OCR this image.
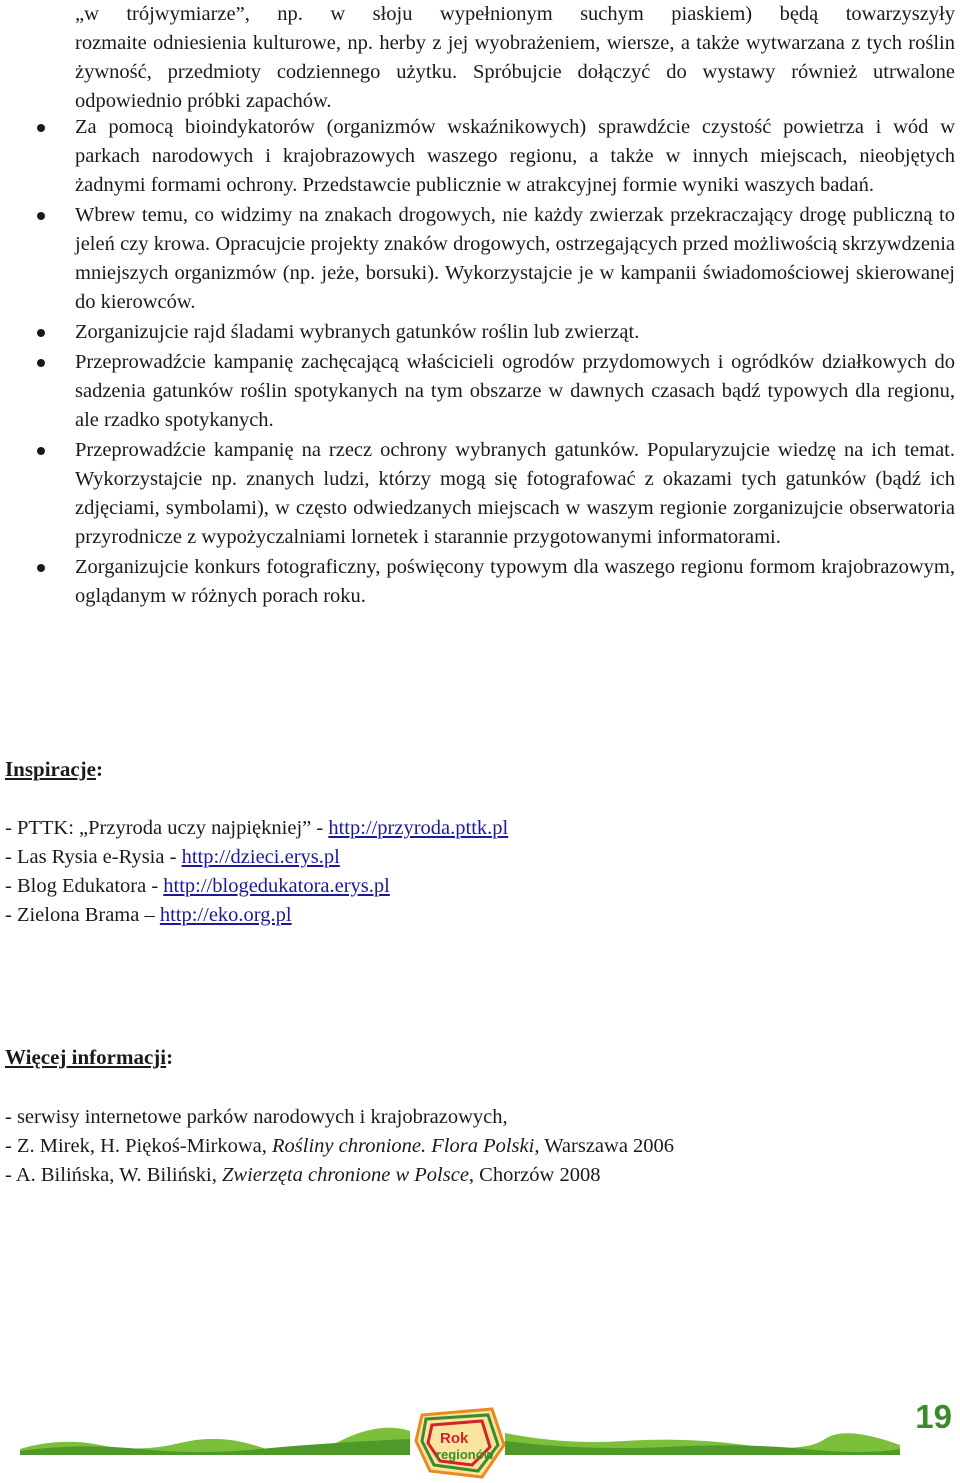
„w trójwymiarze”, np. w słoju wypełnionym suchym piaskiem) będą towarzyszyły
rozmaite odniesienia kulturowe, np. herby z jej wyobrażeniem, wiersze, a także wytwarzana z tych roślin żywność, przedmioty codziennego użytku. Spróbujcie dołączyć do wystawy również utrwalone odpowiednio próbki zapachów.
Za pomocą bioindykatorów (organizmów wskaźnikowych) sprawdźcie czystość powietrza i wód w parkach narodowych i krajobrazowych waszego regionu, a także w innych miejscach, nieobjętych żadnymi formami ochrony. Przedstawcie publicznie w atrakcyjnej formie wyniki waszych badań.
Wbrew temu, co widzimy na znakach drogowych, nie każdy zwierzak przekraczający drogę publiczną to jeleń czy krowa. Opracujcie projekty znaków drogowych, ostrzegających przed możliwością skrzywdzenia mniejszych organizmów (np. jeże, borsuki). Wykorzystajcie je w kampanii świadomościowej skierowanej do kierowców.
Zorganizujcie rajd śladami wybranych gatunków roślin lub zwierząt.
Przeprowadźcie kampanię zachęcającą właścicieli ogrodów przydomowych i ogródków działkowych do sadzenia gatunków roślin spotykanych na tym obszarze w dawnych czasach bądź typowych dla regionu, ale rzadko spotykanych.
Przeprowadźcie kampanię na rzecz ochrony wybranych gatunków. Popularyzujcie wiedzę na ich temat. Wykorzystajcie np. znanych ludzi, którzy mogą się fotografować z okazami tych gatunków (bądź ich zdjęciami, symbolami), w często odwiedzanych miejscach w waszym regionie zorganizujcie obserwatoria przyrodnicze z wypożyczalniami lornetek i starannie przygotowanymi informatorami.
Zorganizujcie konkurs fotograficzny, poświęcony typowym dla waszego regionu formom krajobrazowym, oglądanym w różnych porach roku.
Inspiracje:
- PTTK: „Przyroda uczy najpiękniej” - http://przyroda.pttk.pl
- Las Rysia e-Rysia - http://dzieci.erys.pl
- Blog Edukatora - http://blogedukatora.erys.pl
- Zielona Brama – http://eko.org.pl
Więcej informacji:
- serwisy internetowe parków narodowych i krajobrazowych,
- Z. Mirek, H. Piękoś-Mirkowa, Rośliny chronione. Flora Polski, Warszawa 2006
- A. Bilińska, W. Biliński, Zwierzęta chronione w Polsce, Chorzów 2008
Rok
regionów
19
